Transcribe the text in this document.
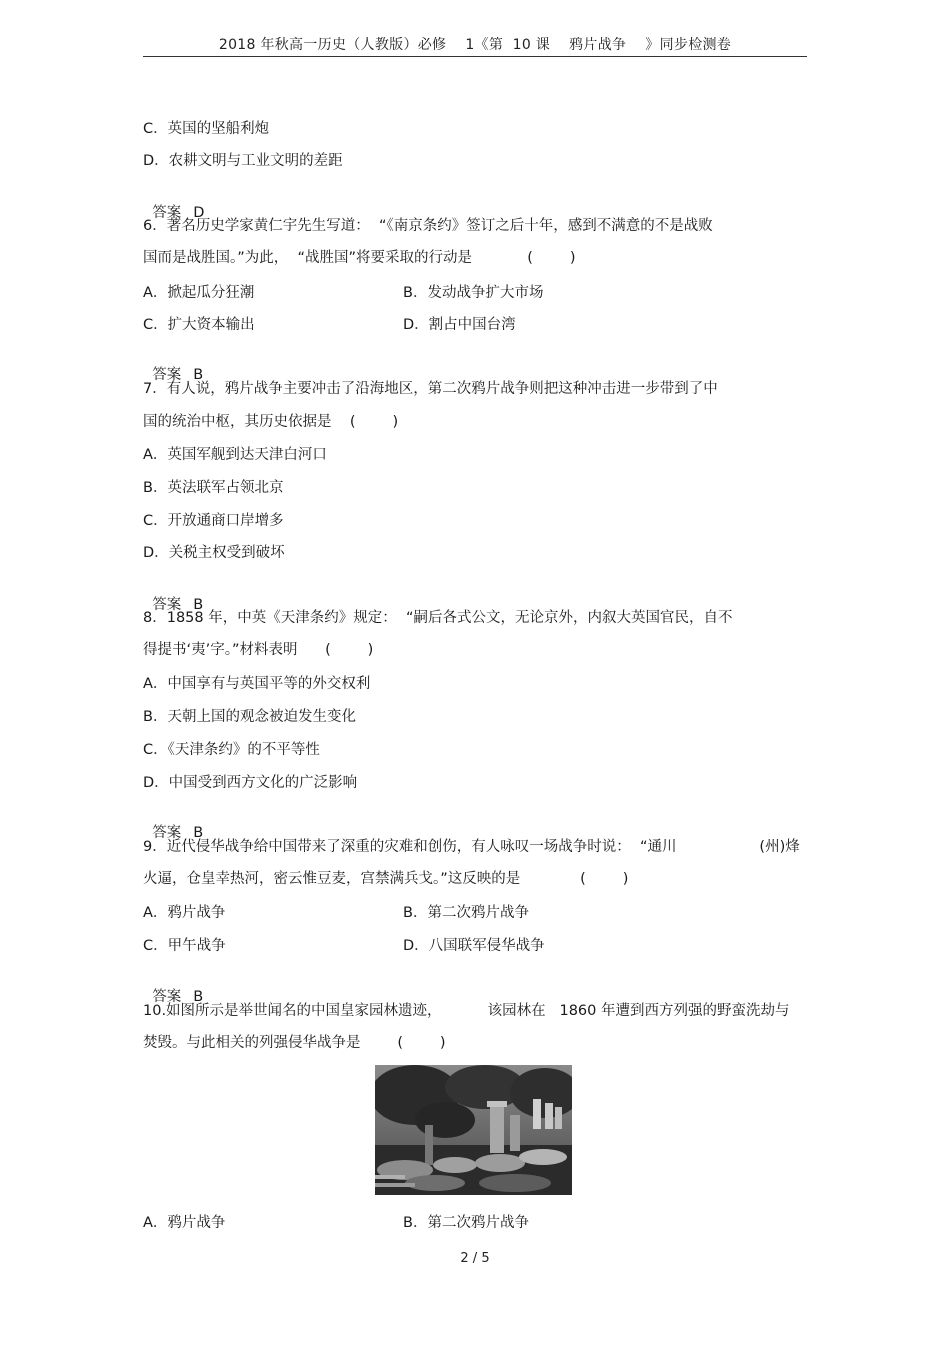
2018 年秋高一历史（人教版）必修    1《第  10 课    鸦片战争    》同步检测卷
C．英国的坚船利炮
D．农耕文明与工业文明的差距

答案 D

6．著名历史学家黄仁宇先生写道：  “《南京条约》签订之后十年，感到不满意的不是战败
国而是战胜国。”为此，  “战胜国”将要采取的行动是            (        )
A．掀起瓜分狂潮	B．发动战争扩大市场
C．扩大资本输出	D．割占中国台湾

答案 B

7．有人说，鸦片战争主要冲击了沿海地区，第二次鸦片战争则把这种冲击进一步带到了中
国的统治中枢，其历史依据是    (        )
A．英国军舰到达天津白河口
B．英法联军占领北京
C．开放通商口岸增多
D．关税主权受到破坏

答案 B

8．1858 年，中英《天津条约》规定：  “嗣后各式公文，无论京外，内叙大英国官民，自不
得提书‘夷’字。”材料表明      (        )
A．中国享有与英国平等的外交权利
B．天朝上国的观念被迫发生变化
C．《天津条约》的不平等性
D．中国受到西方文化的广泛影响

答案 B

9．近代侵华战争给中国带来了深重的灾难和创伤，有人咏叹一场战争时说：  “通川                  (州)烽
火逼，仓皇幸热河，密云惟豆麦，宫禁满兵戈。”这反映的是             (        )
A．鸦片战争	B．第二次鸦片战争
C．甲午战争	D．八国联军侵华战争

答案 B

10.如图所示是举世闻名的中国皇家园林遗迹，          该园林在   1860 年遭到西方列强的野蛮洗劫与
焚毁。与此相关的列强侵华战争是        (        )
A．鸦片战争	B．第二次鸦片战争
2 / 5
